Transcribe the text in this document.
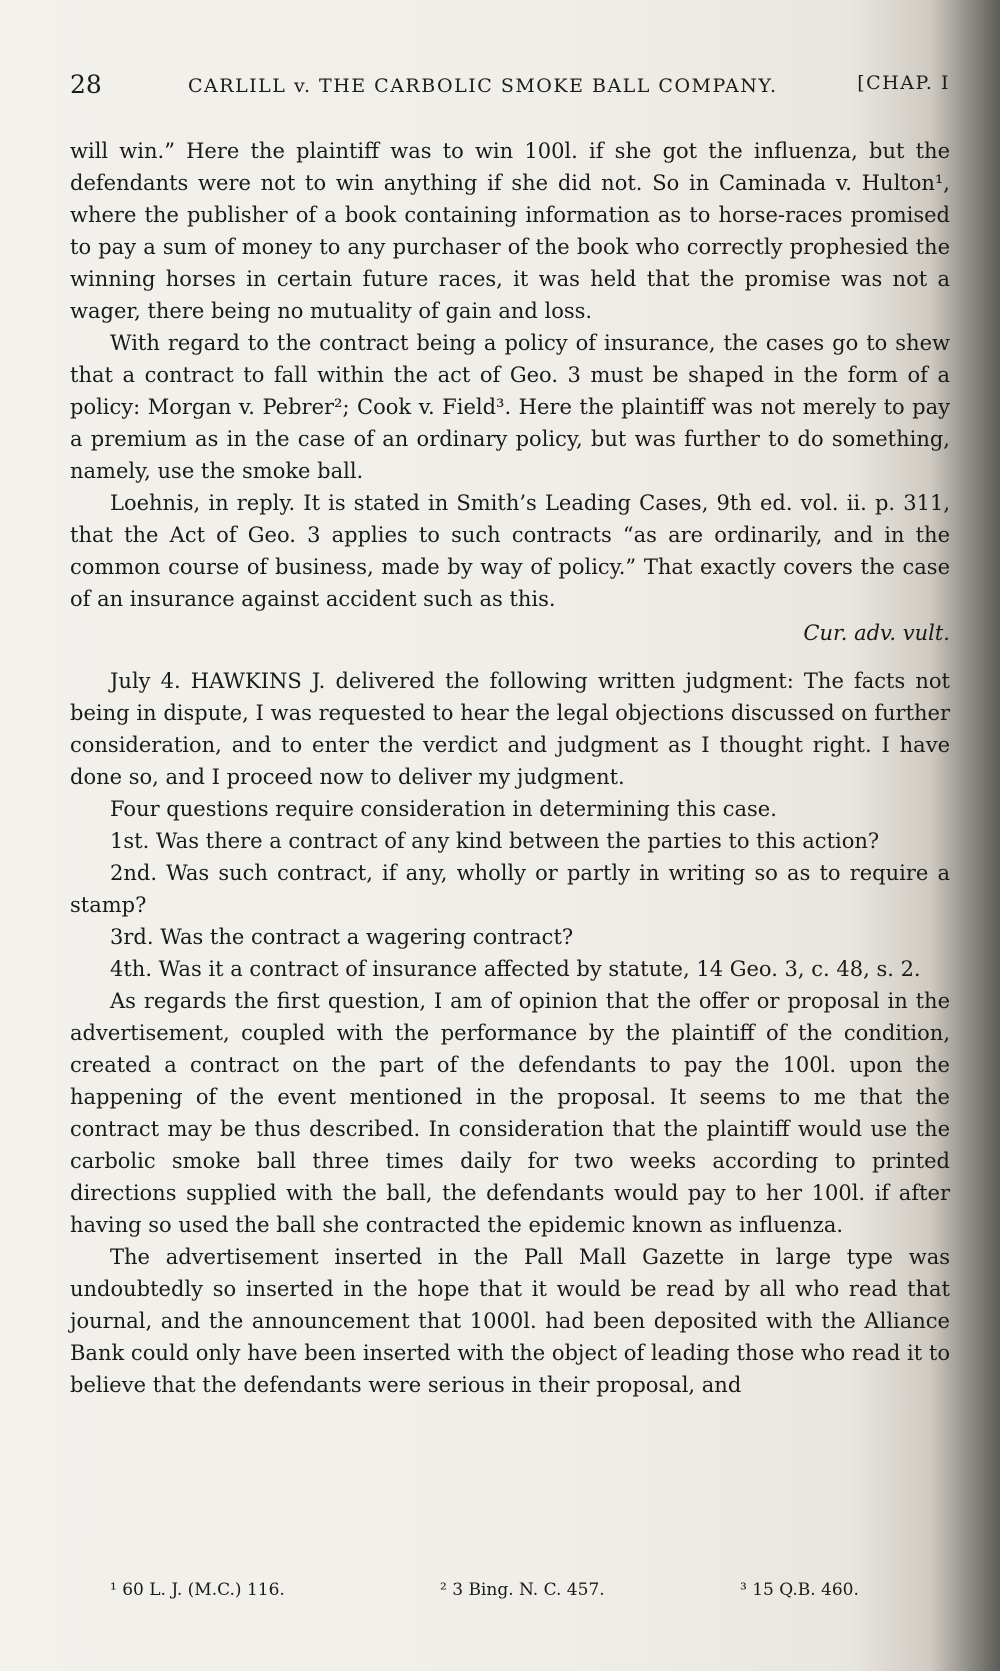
28	CARLILL v. THE CARBOLIC SMOKE BALL COMPANY.	[CHAP. I

will win.” Here the plaintiff was to win 100l. if she got the influenza, but the defendants were not to win anything if she did not. So in Caminada v. Hulton¹, where the publisher of a book containing information as to horse-races promised to pay a sum of money to any purchaser of the book who correctly prophesied the winning horses in certain future races, it was held that the promise was not a wager, there being no mutuality of gain and loss.

With regard to the contract being a policy of insurance, the cases go to shew that a contract to fall within the act of Geo. 3 must be shaped in the form of a policy: Morgan v. Pebrer²; Cook v. Field³. Here the plaintiff was not merely to pay a premium as in the case of an ordinary policy, but was further to do something, namely, use the smoke ball.

Loehnis, in reply. It is stated in Smith’s Leading Cases, 9th ed. vol. ii. p. 311, that the Act of Geo. 3 applies to such contracts “as are ordinarily, and in the common course of business, made by way of policy.” That exactly covers the case of an insurance against accident such as this.

Cur. adv. vult.

July 4. HAWKINS J. delivered the following written judgment: The facts not being in dispute, I was requested to hear the legal objections discussed on further consideration, and to enter the verdict and judgment as I thought right. I have done so, and I proceed now to deliver my judgment.

Four questions require consideration in determining this case.

1st. Was there a contract of any kind between the parties to this action?

2nd. Was such contract, if any, wholly or partly in writing so as to require a stamp?

3rd. Was the contract a wagering contract?

4th. Was it a contract of insurance affected by statute, 14 Geo. 3, c. 48, s. 2.

As regards the first question, I am of opinion that the offer or proposal in the advertisement, coupled with the performance by the plaintiff of the condition, created a contract on the part of the defendants to pay the 100l. upon the happening of the event mentioned in the proposal. It seems to me that the contract may be thus described. In consideration that the plaintiff would use the carbolic smoke ball three times daily for two weeks according to printed directions supplied with the ball, the defendants would pay to her 100l. if after having so used the ball she contracted the epidemic known as influenza.

The advertisement inserted in the Pall Mall Gazette in large type was undoubtedly so inserted in the hope that it would be read by all who read that journal, and the announcement that 1000l. had been deposited with the Alliance Bank could only have been inserted with the object of leading those who read it to believe that the defendants were serious in their proposal, and

¹ 60 L. J. (M.C.) 116.	² 3 Bing. N. C. 457.	³ 15 Q.B. 460.
